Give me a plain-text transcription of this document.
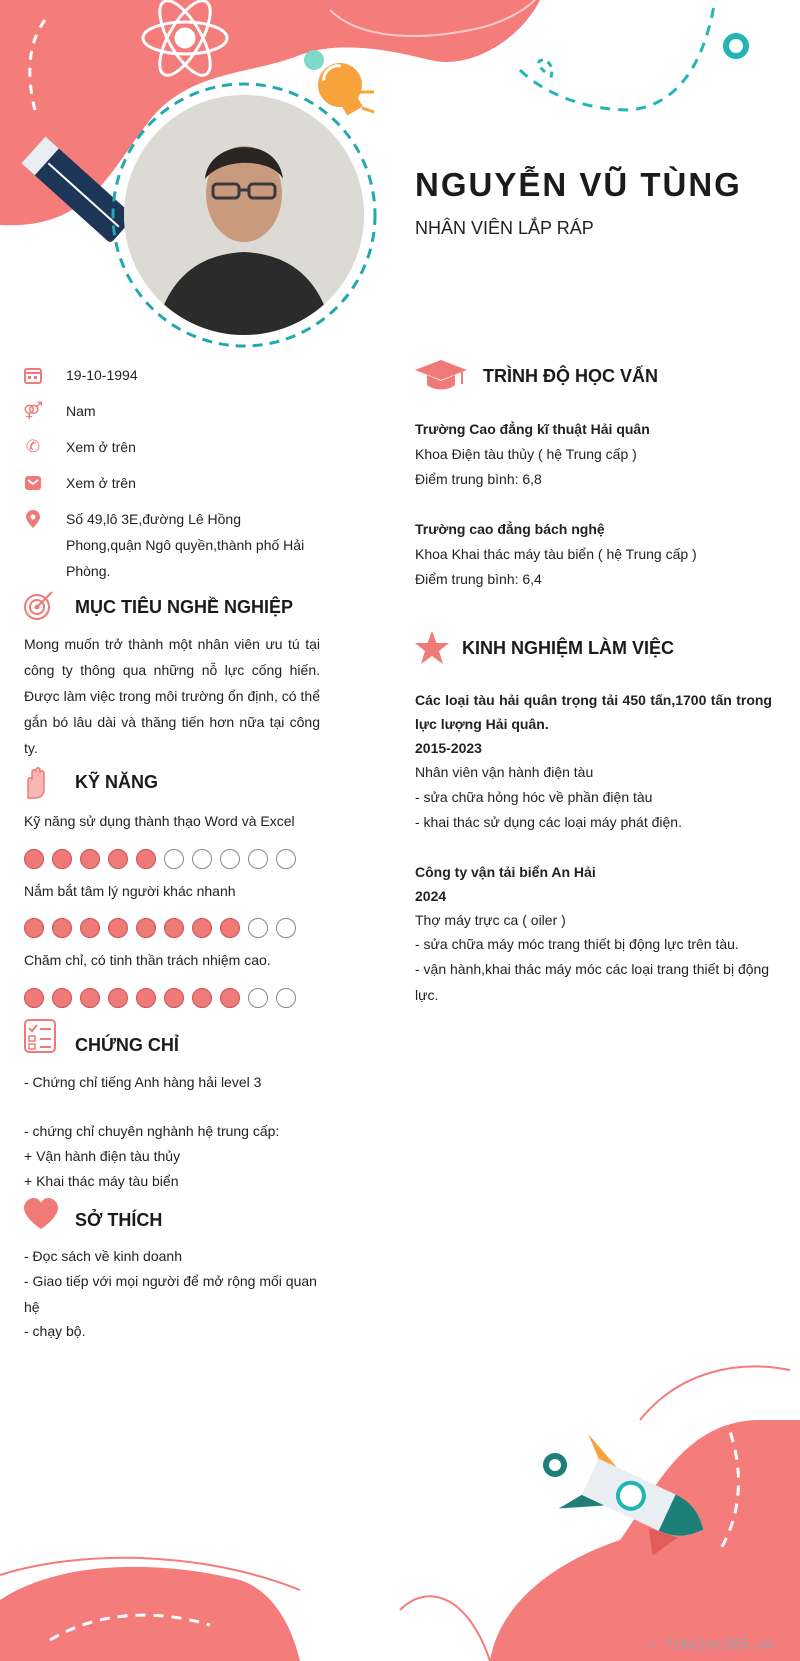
NGUYỄN VŨ TÙNG
NHÂN VIÊN LẮP RÁP
19-10-1994
⚤ Nam
✆ Xem ở trên
Xem ở trên
Số 49,lô 3E,đường Lê Hồng Phong,quận Ngô quyền,thành phố Hải Phòng.
MỤC TIÊU NGHỀ NGHIỆP
Mong muốn trở thành một nhân viên ưu tú tại công ty thông qua những nỗ lực cống hiến. Được làm việc trong môi trường ổn định, có thể gắn bó lâu dài và thăng tiến hơn nữa tại công ty.
KỸ NĂNG
Kỹ năng sử dụng thành thạo Word và Excel
Nắm bắt tâm lý người khác nhanh
Chăm chỉ, có tinh thần trách nhiệm cao.
CHỨNG CHỈ
- Chứng chỉ tiếng Anh hàng hải level 3
- chứng chỉ chuyên nghành hệ trung cấp:
+ Vận hành điện tàu thủy
+ Khai thác máy tàu biển
SỞ THÍCH
- Đọc sách về kinh doanh
- Giao tiếp với mọi người để mở rộng mối quan hệ
- chạy bộ.
TRÌNH ĐỘ HỌC VẤN
Trường Cao đẳng kĩ thuật Hải quân
Khoa Điện tàu thủy ( hệ Trung cấp )
Điểm trung bình: 6,8
Trường cao đẳng bách nghệ
Khoa Khai thác máy tàu biển ( hệ Trung cấp )
Điểm trung bình: 6,4
KINH NGHIỆM LÀM VIỆC
Các loại tàu hải quân trọng tải 450 tấn,1700 tấn trong lực lượng Hải quân.
2015-2023
Nhân viên vận hành điện tàu
- sửa chữa hỏng hóc về phần điện tàu
- khai thác sử dụng các loại máy phát điện.
Công ty vận tải biển An Hải
2024
Thợ máy trực ca ( oiler )
- sửa chữa máy móc trang thiết bị động lực trên tàu.
- vận hành,khai thác máy móc các loại trang thiết bị động lực.
∴ Timviec365.vn
